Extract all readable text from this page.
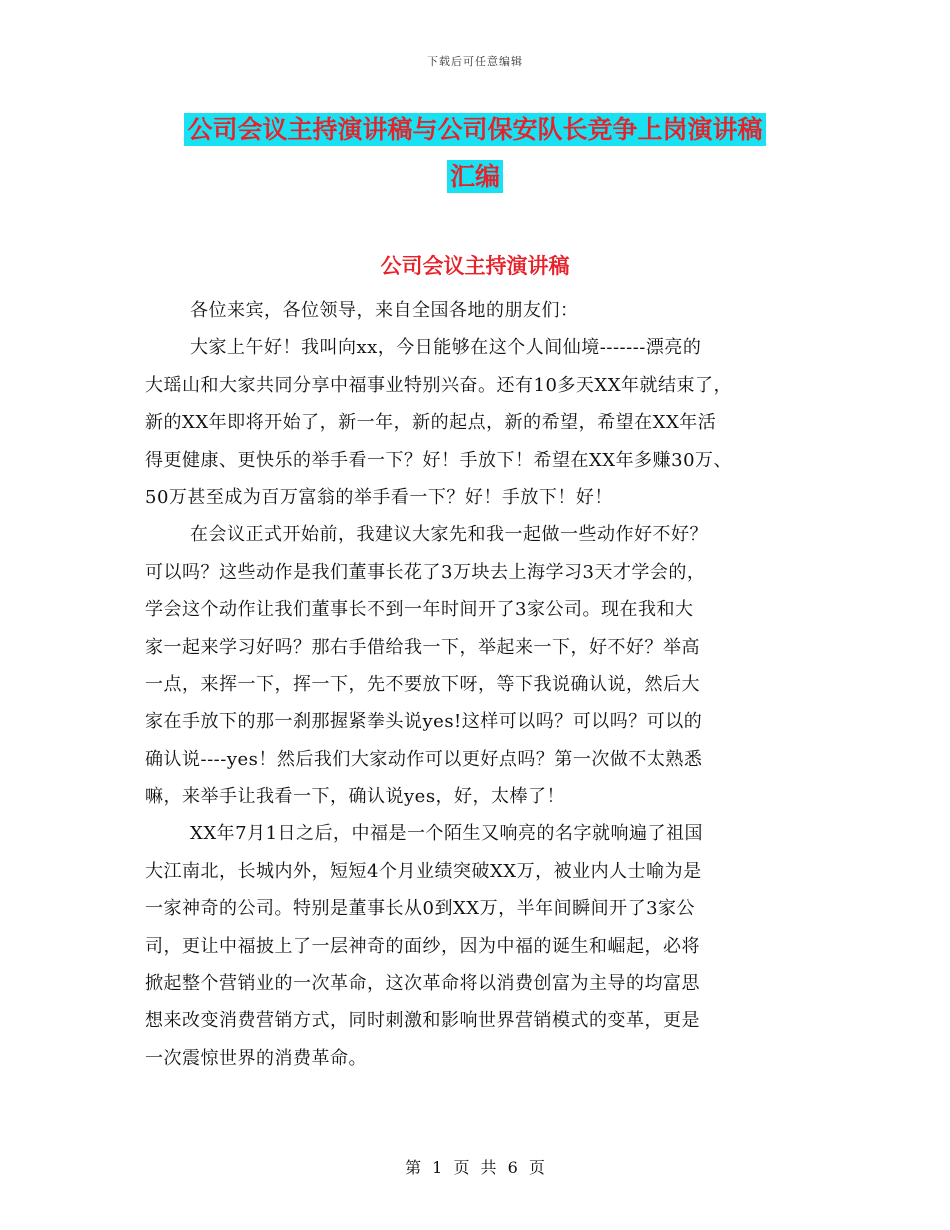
下载后可任意编辑
公司会议主持演讲稿与公司保安队长竞争上岗演讲稿
汇编
公司会议主持演讲稿
各位来宾，各位领导，来自全国各地的朋友们：
大家上午好！我叫向xx，今日能够在这个人间仙境-------漂亮的
大瑶山和大家共同分享中福事业特别兴奋。还有10多天XX年就结束了，
新的XX年即将开始了，新一年，新的起点，新的希望，希望在XX年活
得更健康、更快乐的举手看一下？好！手放下！希望在XX年多赚30万、
50万甚至成为百万富翁的举手看一下？好！手放下！好！
在会议正式开始前，我建议大家先和我一起做一些动作好不好？
可以吗？这些动作是我们董事长花了3万块去上海学习3天才学会的，
学会这个动作让我们董事长不到一年时间开了3家公司。现在我和大
家一起来学习好吗？那右手借给我一下，举起来一下，好不好？举高
一点，来挥一下，挥一下，先不要放下呀，等下我说确认说，然后大
家在手放下的那一刹那握紧拳头说yes!这样可以吗？可以吗？可以的
确认说----yes！然后我们大家动作可以更好点吗？第一次做不太熟悉
嘛，来举手让我看一下，确认说yes，好，太棒了！
XX年7月1日之后，中福是一个陌生又响亮的名字就响遍了祖国
大江南北，长城内外，短短4个月业绩突破XX万，被业内人士喻为是
一家神奇的公司。特别是董事长从0到XX万，半年间瞬间开了3家公
司，更让中福披上了一层神奇的面纱，因为中福的诞生和崛起，必将
掀起整个营销业的一次革命，这次革命将以消费创富为主导的均富思
想来改变消费营销方式，同时刺激和影响世界营销模式的变革，更是
一次震惊世界的消费革命。
第 1 页 共 6 页
